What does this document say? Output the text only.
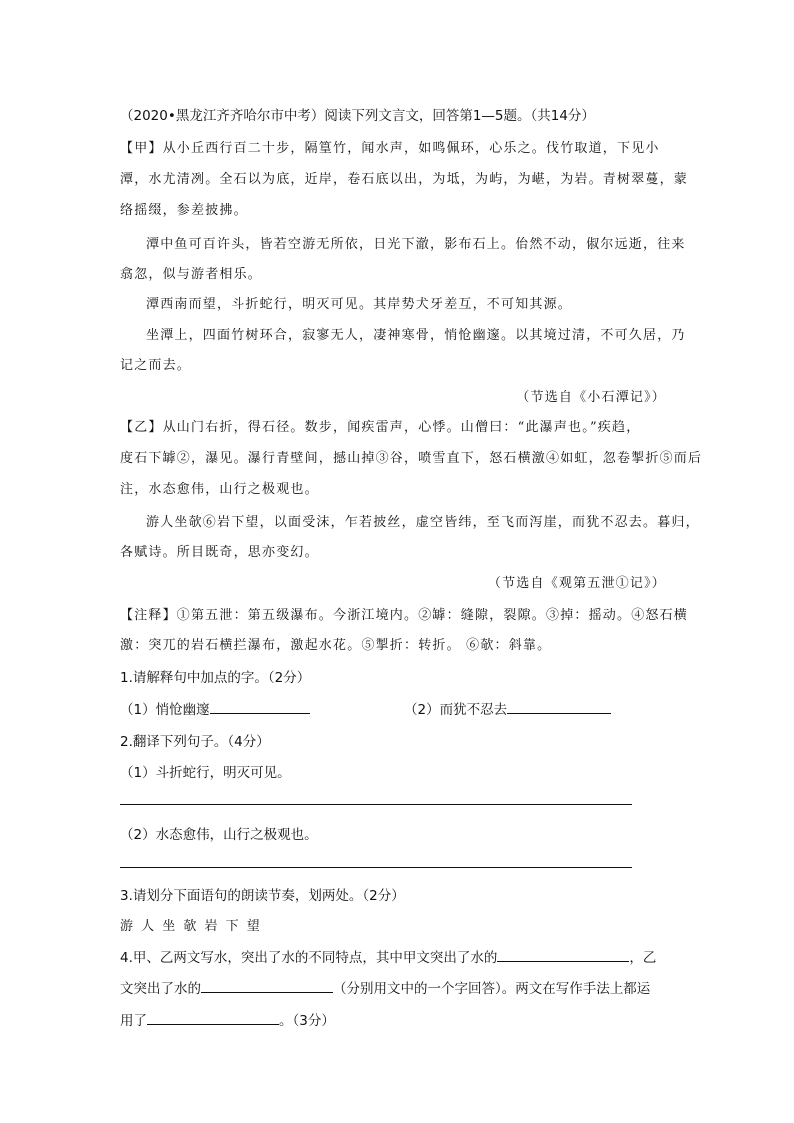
（2020•黑龙江齐齐哈尔市中考）阅读下列文言文，回答第1—5题。（共14分）
【甲】从小丘西行百二十步，隔篁竹，闻水声，如鸣佩环，心乐之。伐竹取道，下见小
潭，水尤清冽。全石以为底，近岸，卷石底以出，为坻，为屿，为嵁，为岩。青树翠蔓，蒙
络摇缀，参差披拂。
潭中鱼可百许头，皆若空游无所依，日光下澈，影布石上。佁然不动，俶尔远逝，往来
翕忽，似与游者相乐。
潭西南而望，斗折蛇行，明灭可见。其岸势犬牙差互，不可知其源。
坐潭上，四面竹树环合，寂寥无人，凄神寒骨，悄怆幽邃。以其境过清，不可久居，乃
记之而去。
（节选自《小石潭记》）
【乙】从山门右折，得石径。数步，闻疾雷声，心悸。山僧曰：“此瀑声也。”疾趋，
度石下罅②，瀑见。瀑行青壁间，撼山掉③谷，喷雪直下，怒石横激④如虹，忽卷掣折⑤而后
注，水态愈伟，山行之极观也。
游人坐欹⑥岩下望，以面受沫，乍若披丝，虚空皆纬，至飞而泻崖，而犹不忍去。暮归，
各赋诗。所目既奇，思亦变幻。
（节选自《观第五泄①记》）
【注释】①第五泄：第五级瀑布。今浙江境内。②罅：缝隙，裂隙。③掉：摇动。④怒石横
激：突兀的岩石横拦瀑布，激起水花。⑤掣折：转折。 ⑥欹：斜靠。
1.请解释句中加点的字。（2分）
（1）悄怆幽邃	（2）而犹不忍去
2.翻译下列句子。（4分）
（1）斗折蛇行，明灭可见。
（2）水态愈伟，山行之极观也。
3.请划分下面语句的朗读节奏，划两处。（2分）
游 人 坐 欹 岩 下 望
4.甲、乙两文写水，突出了水的不同特点，其中甲文突出了水的	，乙
文突出了水的	（分别用文中的一个字回答）。两文在写作手法上都运
用了	。（3分）
